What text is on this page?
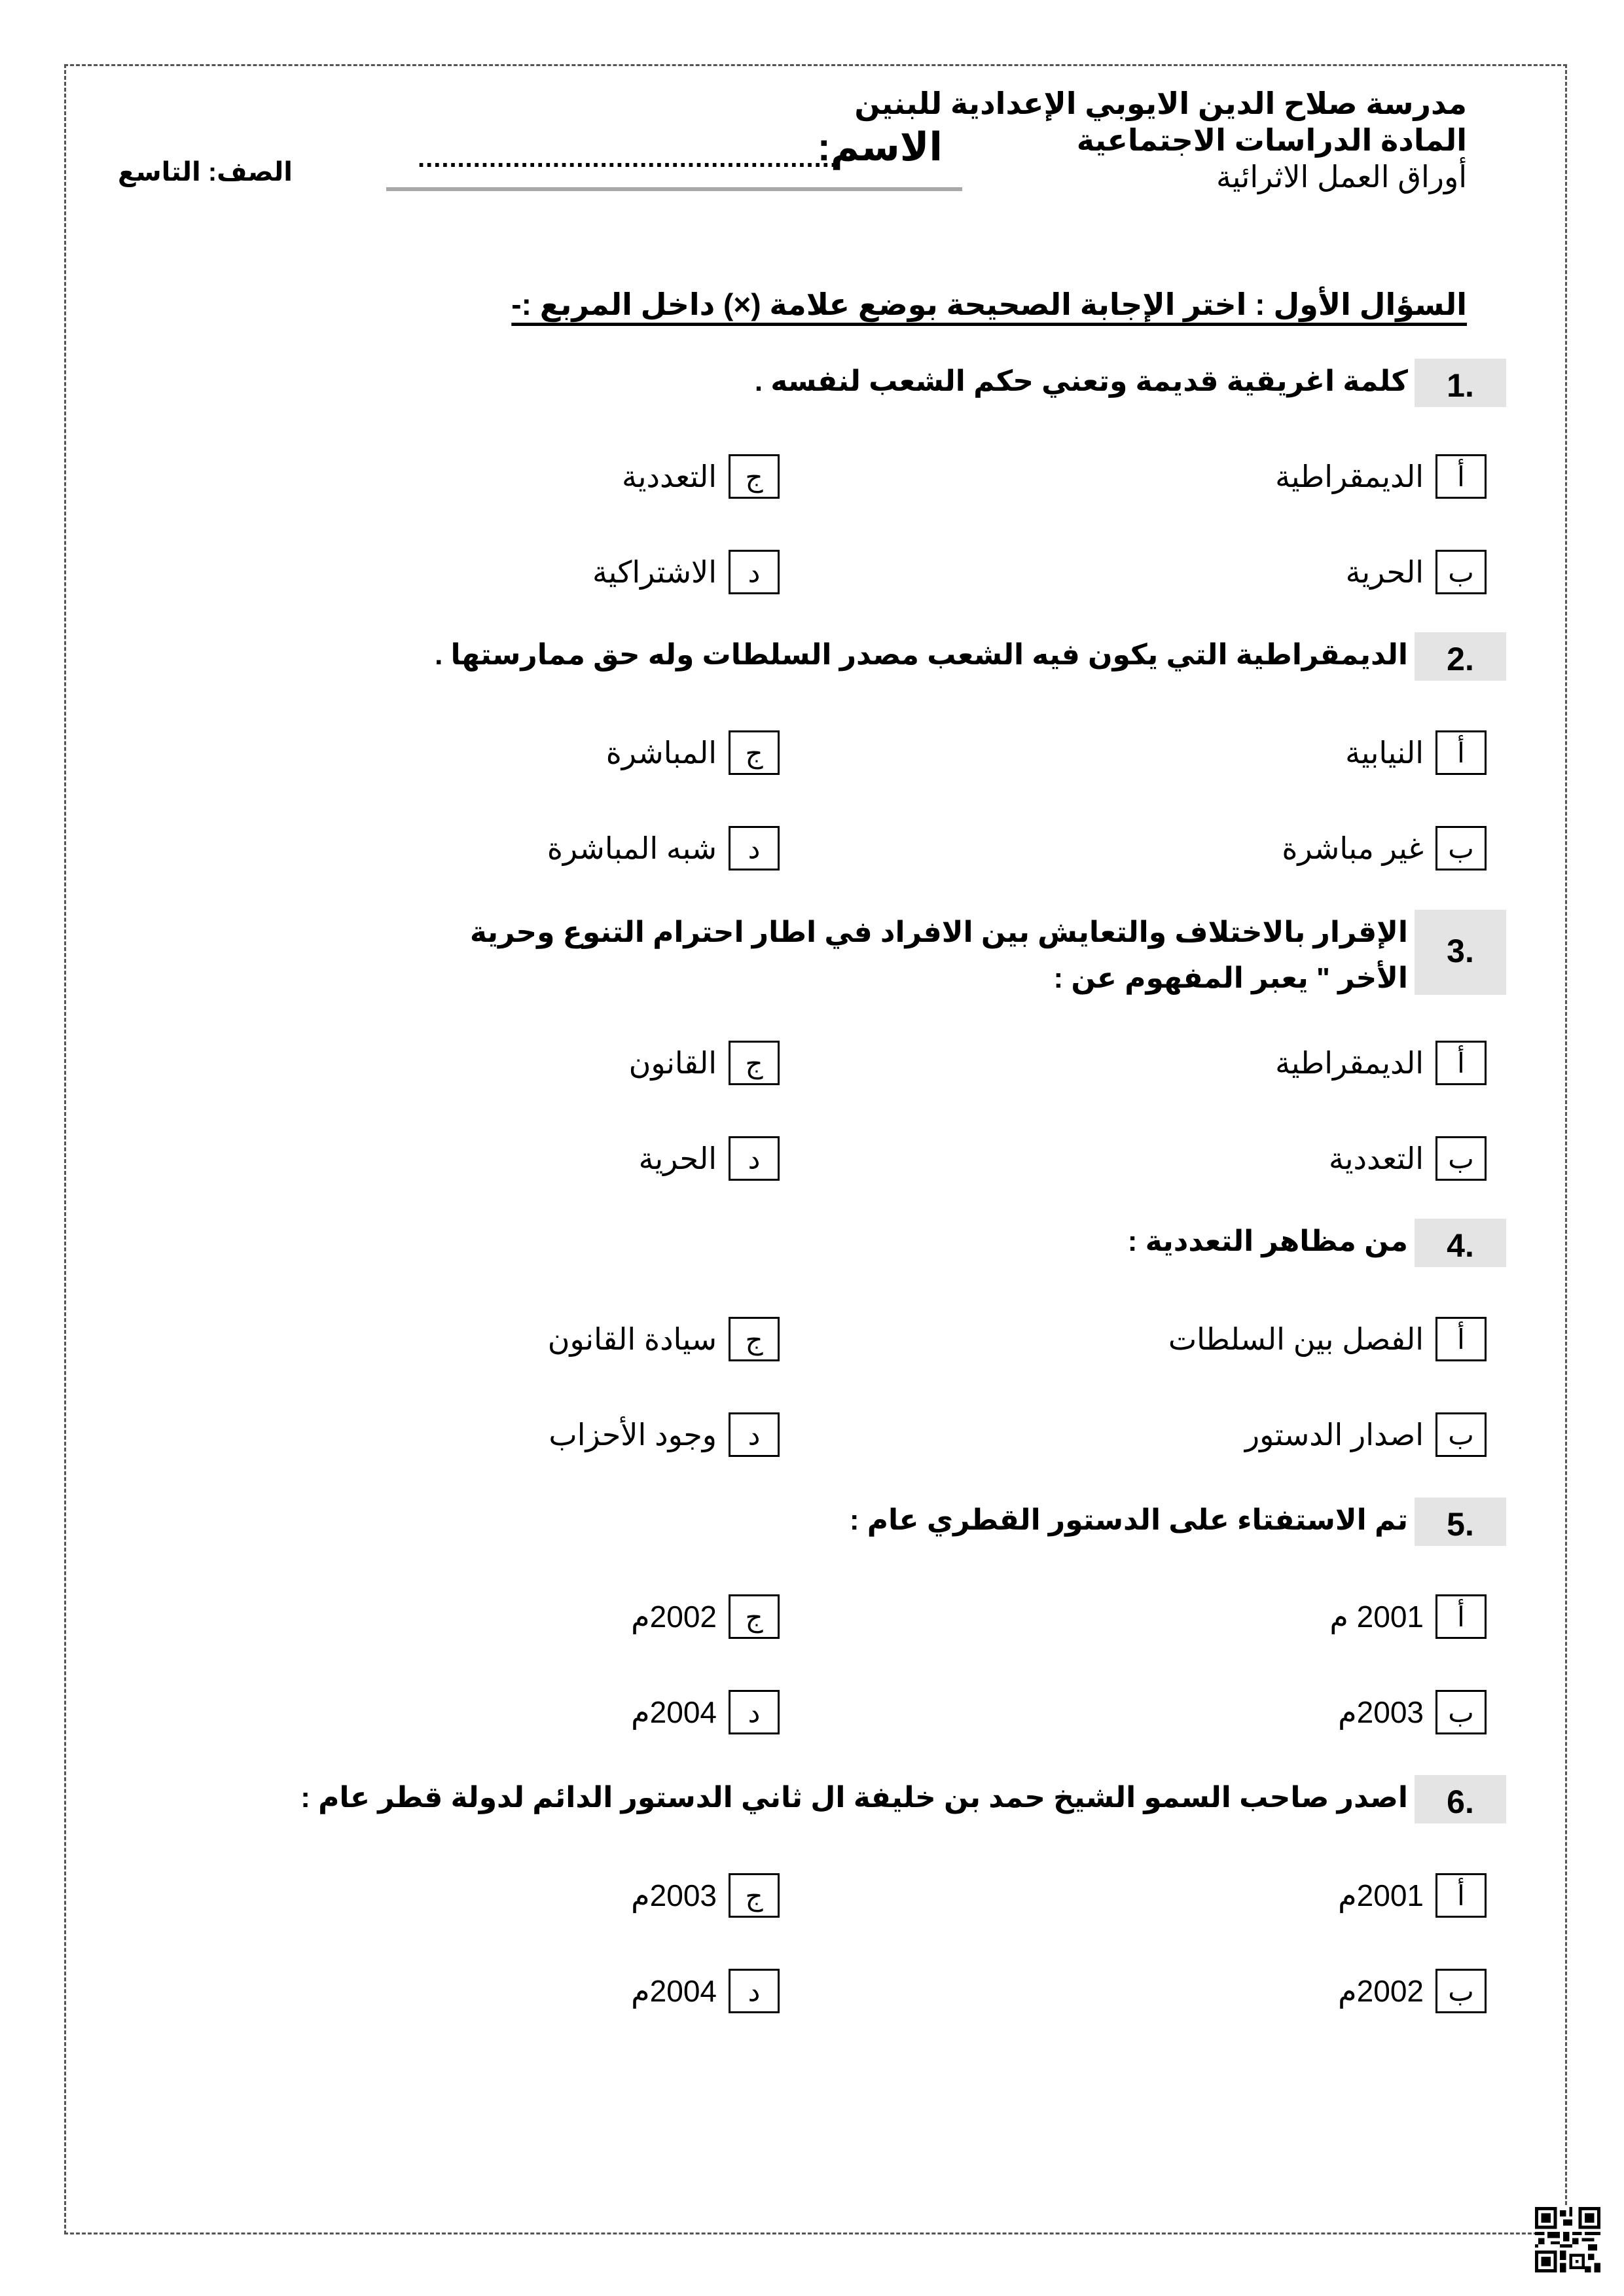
مدرسة صلاح الدين الايوبي الإعدادية للبنين
المادة الدراسات الاجتماعية
أوراق العمل الاثرائية
الاسم:
.....................................................
الصف: التاسع
السؤال الأول : اختر الإجابة الصحيحة بوضع علامة (×) داخل المربع :-
1.
كلمة اغريقية قديمة وتعني حكم الشعب لنفسه .
أ
الديمقراطية
ب
الحرية
ج
التعددية
د
الاشتراكية
2.
الديمقراطية التي يكون فيه الشعب مصدر السلطات وله حق ممارستها .
أ
النيابية
ب
غير مباشرة
ج
المباشرة
د
شبه المباشرة
3.
الإقرار بالاختلاف والتعايش بين الافراد في اطار احترام التنوع وحرية الأخر " يعبر المفهوم عن :
أ
الديمقراطية
ب
التعددية
ج
القانون
د
الحرية
4.
من مظاهر التعددية :
أ
الفصل بين السلطات
ب
اصدار الدستور
ج
سيادة القانون
د
وجود الأحزاب
5.
تم الاستفتاء على الدستور القطري عام :
أ
2001 م
ب
2003م
ج
2002م
د
2004م
6.
اصدر صاحب السمو الشيخ حمد بن خليفة ال ثاني الدستور الدائم لدولة قطر عام :
أ
2001م
ب
2002م
ج
2003م
د
2004م
